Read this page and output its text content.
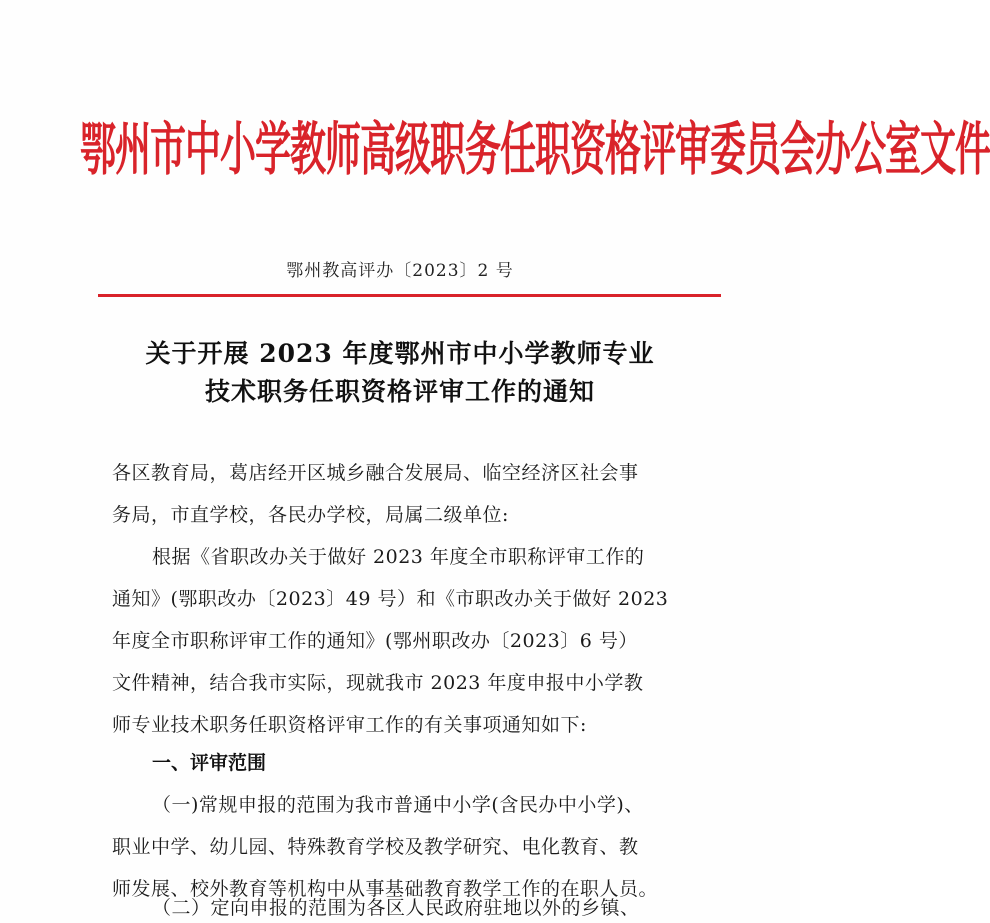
鄂州市中小学教师高级职务任职资格评审委员会办公室文件
鄂州教高评办〔2023〕2 号
关于开展 2023 年度鄂州市中小学教师专业
技术职务任职资格评审工作的通知
各区教育局，葛店经开区城乡融合发展局、临空经济区社会事
务局，市直学校，各民办学校，局属二级单位:
根据《省职改办关于做好 2023 年度全市职称评审工作的
通知》(鄂职改办〔2023〕49 号）和《市职改办关于做好 2023
年度全市职称评审工作的通知》(鄂州职改办〔2023〕6 号）
文件精神，结合我市实际，现就我市 2023 年度申报中小学教
师专业技术职务任职资格评审工作的有关事项通知如下:
一、评审范围
（一)常规申报的范围为我市普通中小学(含民办中小学)、
职业中学、幼儿园、特殊教育学校及教学研究、电化教育、教
师发展、校外教育等机构中从事基础教育教学工作的在职人员。
（二）定向申报的范围为各区人民政府驻地以外的乡镇、
